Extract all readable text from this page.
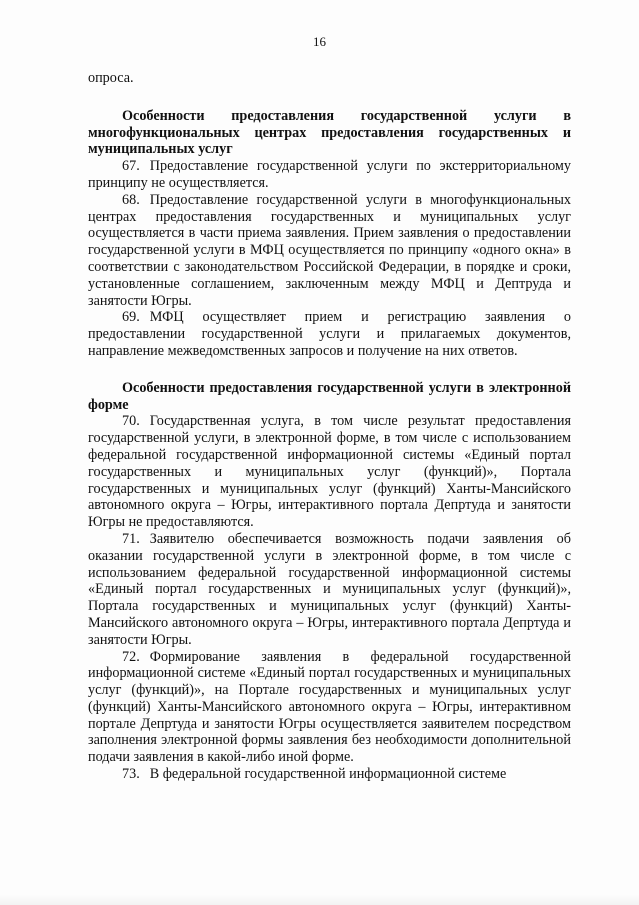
16

опроса.

Особенности предоставления государственной услуги в многофункциональных центрах предоставления государственных и муниципальных услуг

67. Предоставление государственной услуги по экстерриториальному принципу не осуществляется.

68. Предоставление государственной услуги в многофункциональных центрах предоставления государственных и муниципальных услуг осуществляется в части приема заявления. Прием заявления о предоставлении государственной услуги в МФЦ осуществляется по принципу «одного окна» в соответствии с законодательством Российской Федерации, в порядке и сроки, установленные соглашением, заключенным между МФЦ и Дептруда и занятости Югры.

69. МФЦ осуществляет прием и регистрацию заявления о предоставлении государственной услуги и прилагаемых документов, направление межведомственных запросов и получение на них ответов.

Особенности предоставления государственной услуги в электронной форме

70. Государственная услуга, в том числе результат предоставления государственной услуги, в электронной форме, в том числе с использованием федеральной государственной информационной системы «Единый портал государственных и муниципальных услуг (функций)», Портала государственных и муниципальных услуг (функций) Ханты-Мансийского автономного округа – Югры, интерактивного портала Депртуда и занятости Югры не предоставляются.

71. Заявителю обеспечивается возможность подачи заявления об оказании государственной услуги в электронной форме, в том числе с использованием федеральной государственной информационной системы «Единый портал государственных и муниципальных услуг (функций)», Портала государственных и муниципальных услуг (функций) Ханты-Мансийского автономного округа – Югры, интерактивного портала Депртуда и занятости Югры.

72. Формирование заявления в федеральной государственной информационной системе «Единый портал государственных и муниципальных услуг (функций)», на Портале государственных и муниципальных услуг (функций) Ханты-Мансийского автономного округа – Югры, интерактивном портале Депртуда и занятости Югры осуществляется заявителем посредством заполнения электронной формы заявления без необходимости дополнительной подачи заявления в какой-либо иной форме.

73. В федеральной государственной информационной системе
